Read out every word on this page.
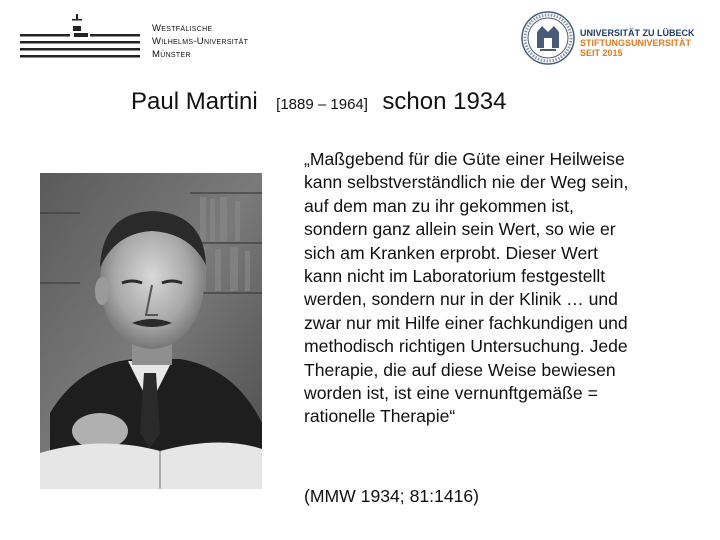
Westfälische
Wilhelms-Universität
Münster
UNIVERSITÄT ZU LÜBECK
STIFTUNGSUNIVERSITÄT
SEIT 2015
Paul Martini [1889 – 1964] schon 1934
„Maßgebend für die Güte einer Heilweise
kann selbstverständlich nie der Weg sein,
auf dem man zu ihr gekommen ist,
sondern ganz allein sein Wert, so wie er
sich am Kranken erprobt. Dieser Wert
kann nicht im Laboratorium festgestellt
werden, sondern nur in der Klinik … und
zwar nur mit Hilfe einer fachkundigen und
methodisch richtigen Untersuchung. Jede
Therapie, die auf diese Weise bewiesen
worden ist, ist eine vernunftgemäße =
rationelle Therapie“
(MMW 1934; 81:1416)
